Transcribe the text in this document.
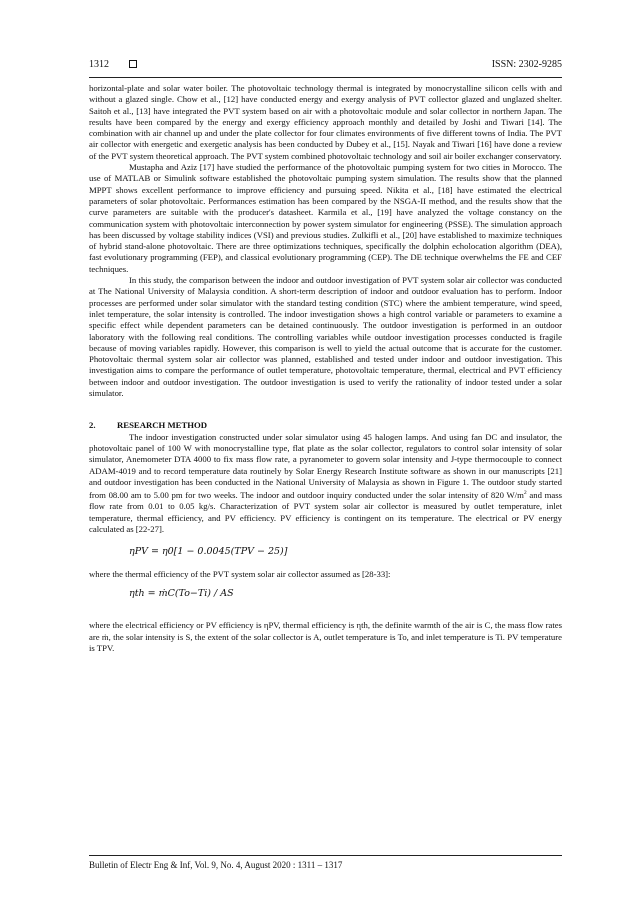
1312	ISSN: 2302-9285

horizontal-plate and solar water boiler. The photovoltaic technology thermal is integrated by monocrystalline silicon cells with and without a glazed single. Chow et al., [12] have conducted energy and exergy analysis of PVT collector glazed and unglazed shelter. Saitoh et al., [13] have integrated the PVT system based on air with a photovoltaic module and solar collector in northern Japan. The results have been compared by the energy and exergy efficiency approach monthly and detailed by Joshi and Tiwari [14]. The combination with air channel up and under the plate collector for four climates environments of five different towns of India. The PVT air collector with energetic and exergetic analysis has been conducted by Dubey et al., [15]. Nayak and Tiwari [16] have done a review of the PVT system theoretical approach. The PVT system combined photovoltaic technology and soil air boiler exchanger conservatory.

Mustapha and Aziz [17] have studied the performance of the photovoltaic pumping system for two cities in Morocco. The use of MATLAB or Simulink software established the photovoltaic pumping system simulation. The results show that the planned MPPT shows excellent performance to improve efficiency and pursuing speed. Nikita et al., [18] have estimated the electrical parameters of solar photovoltaic. Performances estimation has been compared by the NSGA-II method, and the results show that the curve parameters are suitable with the producer's datasheet. Karmila et al., [19] have analyzed the voltage constancy on the communication system with photovoltaic interconnection by power system simulator for engineering (PSSE). The simulation approach has been discussed by voltage stability indices (VSI) and previous studies. Zulkifli et al., [20] have established to maximize techniques of hybrid stand-alone photovoltaic. There are three optimizations techniques, specifically the dolphin echolocation algorithm (DEA), fast evolutionary programming (FEP), and classical evolutionary programming (CEP). The DE technique overwhelms the FE and CEF techniques.

In this study, the comparison between the indoor and outdoor investigation of PVT system solar air collector was conducted at The National University of Malaysia condition. A short-term description of indoor and outdoor evaluation has to perform. Indoor processes are performed under solar simulator with the standard testing condition (STC) where the ambient temperature, wind speed, inlet temperature, the solar intensity is controlled. The indoor investigation shows a high control variable or parameters to examine a specific effect while dependent parameters can be detained continuously. The outdoor investigation is performed in an outdoor laboratory with the following real conditions. The controlling variables while outdoor investigation processes conducted is fragile because of moving variables rapidly. However, this comparison is well to yield the actual outcome that is accurate for the customer. Photovoltaic thermal system solar air collector was planned, established and tested under indoor and outdoor investigation. This investigation aims to compare the performance of outlet temperature, photovoltaic temperature, thermal, electrical and PVT efficiency between indoor and outdoor investigation. The outdoor investigation is used to verify the rationality of indoor tested under a solar simulator.

2. RESEARCH METHOD

The indoor investigation constructed under solar simulator using 45 halogen lamps. And using fan DC and insulator, the photovoltaic panel of 100 W with monocrystalline type, flat plate as the solar collector, regulators to control solar intensity of solar simulator, Anemometer DTA 4000 to fix mass flow rate, a pyranometer to govern solar intensity and J-type thermocouple to connect ADAM-4019 and to record temperature data routinely by Solar Energy Research Institute software as shown in our manuscripts [21] and outdoor investigation has been conducted in the National University of Malaysia as shown in Figure 1. The outdoor study started from 08.00 am to 5.00 pm for two weeks. The indoor and outdoor inquiry conducted under the solar intensity of 820 $W/m^2$ and mass flow rate from 0.01 to 0.05 kg/s. Characterization of PVT system solar air collector is measured by outlet temperature, inlet temperature, thermal efficiency, and PV efficiency. PV efficiency is contingent on its temperature. The electrical or PV energy calculated as [22-27].

ηPV = η0[1 − 0.0045(TPV − 25)]

where the thermal efficiency of the PVT system solar air collector assumed as [28-33]:

ηth = ṁC(To−Ti) / AS

where the electrical efficiency or PV efficiency is ηPV, thermal efficiency is ηth, the definite warmth of the air is C, the mass flow rates are ṁ, the solar intensity is S, the extent of the solar collector is A, outlet temperature is To, and inlet temperature is Ti. PV temperature is TPV.

Bulletin of Electr Eng & Inf, Vol. 9, No. 4, August 2020 : 1311 – 1317
